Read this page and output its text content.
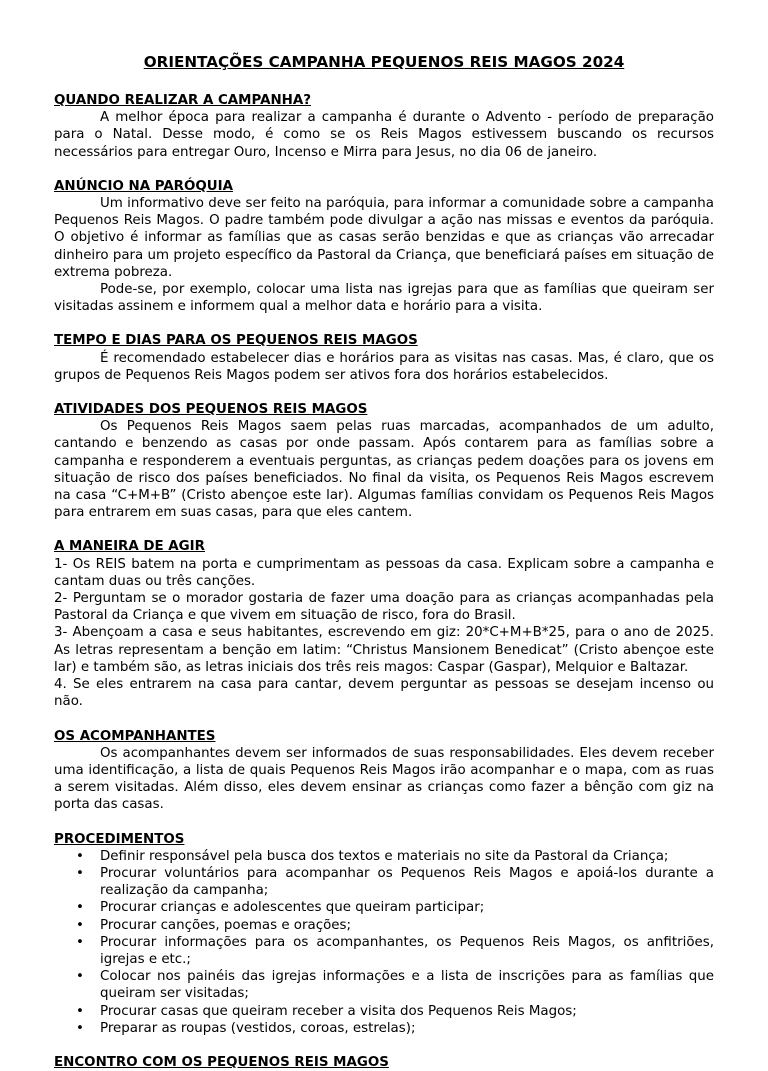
ORIENTAÇÕES CAMPANHA PEQUENOS REIS MAGOS 2024
QUANDO REALIZAR A CAMPANHA?

A melhor época para realizar a campanha é durante o Advento - período de preparação para o Natal. Desse modo, é como se os Reis Magos estivessem buscando os recursos necessários para entregar Ouro, Incenso e Mirra para Jesus, no dia 06 de janeiro.

ANÚNCIO NA PARÓQUIA

Um informativo deve ser feito na paróquia, para informar a comunidade sobre a campanha Pequenos Reis Magos. O padre também pode divulgar a ação nas missas e eventos da paróquia. O objetivo é informar as famílias que as casas serão benzidas e que as crianças vão arrecadar dinheiro para um projeto específico da Pastoral da Criança, que beneficiará países em situação de extrema pobreza.

Pode-se, por exemplo, colocar uma lista nas igrejas para que as famílias que queiram ser visitadas assinem e informem qual a melhor data e horário para a visita.

TEMPO E DIAS PARA OS PEQUENOS REIS MAGOS

É recomendado estabelecer dias e horários para as visitas nas casas. Mas, é claro, que os grupos de Pequenos Reis Magos podem ser ativos fora dos horários estabelecidos.

ATIVIDADES DOS PEQUENOS REIS MAGOS

Os Pequenos Reis Magos saem pelas ruas marcadas, acompanhados de um adulto, cantando e benzendo as casas por onde passam. Após contarem para as famílias sobre a campanha e responderem a eventuais perguntas, as crianças pedem doações para os jovens em situação de risco dos países beneficiados. No final da visita, os Pequenos Reis Magos escrevem na casa “C+M+B” (Cristo abençoe este lar). Algumas famílias convidam os Pequenos Reis Magos para entrarem em suas casas, para que eles cantem.

A MANEIRA DE AGIR

1- Os REIS batem na porta e cumprimentam as pessoas da casa. Explicam sobre a campanha e cantam duas ou três canções.

2- Perguntam se o morador gostaria de fazer uma doação para as crianças acompanhadas pela Pastoral da Criança e que vivem em situação de risco, fora do Brasil.

3- Abençoam a casa e seus habitantes, escrevendo em giz: 20*C+M+B*25, para o ano de 2025. As letras representam a benção em latim: “Christus Mansionem Benedicat” (Cristo abençoe este lar) e também são, as letras iniciais dos três reis magos: Caspar (Gaspar), Melquior e Baltazar.

4. Se eles entrarem na casa para cantar, devem perguntar as pessoas se desejam incenso ou não.

OS ACOMPANHANTES

Os acompanhantes devem ser informados de suas responsabilidades. Eles devem receber uma identificação, a lista de quais Pequenos Reis Magos irão acompanhar e o mapa, com as ruas a serem visitadas. Além disso, eles devem ensinar as crianças como fazer a bênção com giz na porta das casas.

PROCEDIMENTOS
• Definir responsável pela busca dos textos e materiais no site da Pastoral da Criança;
• Procurar voluntários para acompanhar os Pequenos Reis Magos e apoiá-los durante a realização da campanha;
• Procurar crianças e adolescentes que queiram participar;
• Procurar canções, poemas e orações;
• Procurar informações para os acompanhantes, os Pequenos Reis Magos, os anfitriões, igrejas e etc.;
• Colocar nos painéis das igrejas informações e a lista de inscrições para as famílias que queiram ser visitadas;
• Procurar casas que queiram receber a visita dos Pequenos Reis Magos;
• Preparar as roupas (vestidos, coroas, estrelas);
ENCONTRO COM OS PEQUENOS REIS MAGOS
